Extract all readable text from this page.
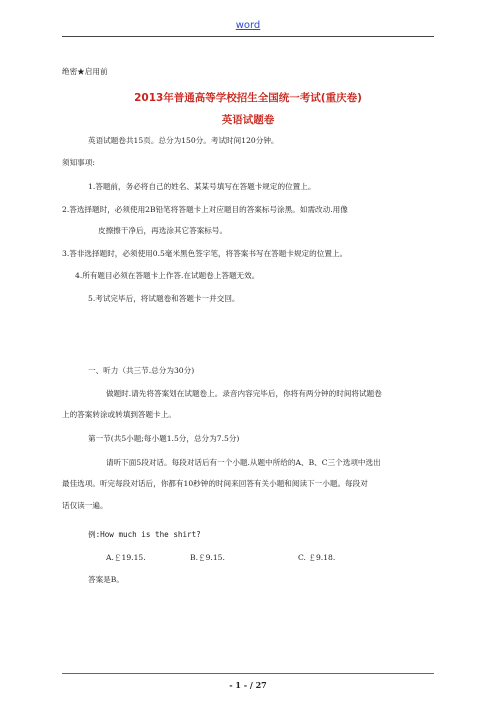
word
绝密★启用前
2013年普通高等学校招生全国统一考试(重庆卷)
英语试题卷
英语试题卷共15页。总分为150分。考试时间120分钟。
须知事项:
1.答题前，务必将自己的姓名、某某号填写在答题卡规定的位置上。
2.答选择题时，必须使用2B铅笔将答题卡上对应题目的答案标号涂黑。如需改动.用像
皮擦擦干净后，再选涂其它答案标号。
3.答非选择题时，必须使用0.5毫米黑色签字笔，将答案书写在答题卡规定的位置上。
4.所有题目必须在答题卡上作答.在试题卷上答题无效。
5.考试完毕后，将试题卷和答题卡一并交回。
一、听力（共三节.总分为30分)
做题时.请先将答案划在试题卷上。录音内容完毕后，你将有两分钟的时间将试题卷
上的答案转涂或转填到答题卡上。
第一节(共5小题;每小题1.5分，总分为7.5分)
请听下面5段对话。每段对话后有一个小题.从题中所给的A、B、C三个选项中选出
最佳选项。听完每段对话后，你都有10秒钟的时间来回答有关小题和阅读下一小题。每段对
话仅读一遍。
例:How much is the shirt?
A.￡19.15.	B.￡9.15.	C. ￡9.18.
答案是B。
- 1 - / 27
